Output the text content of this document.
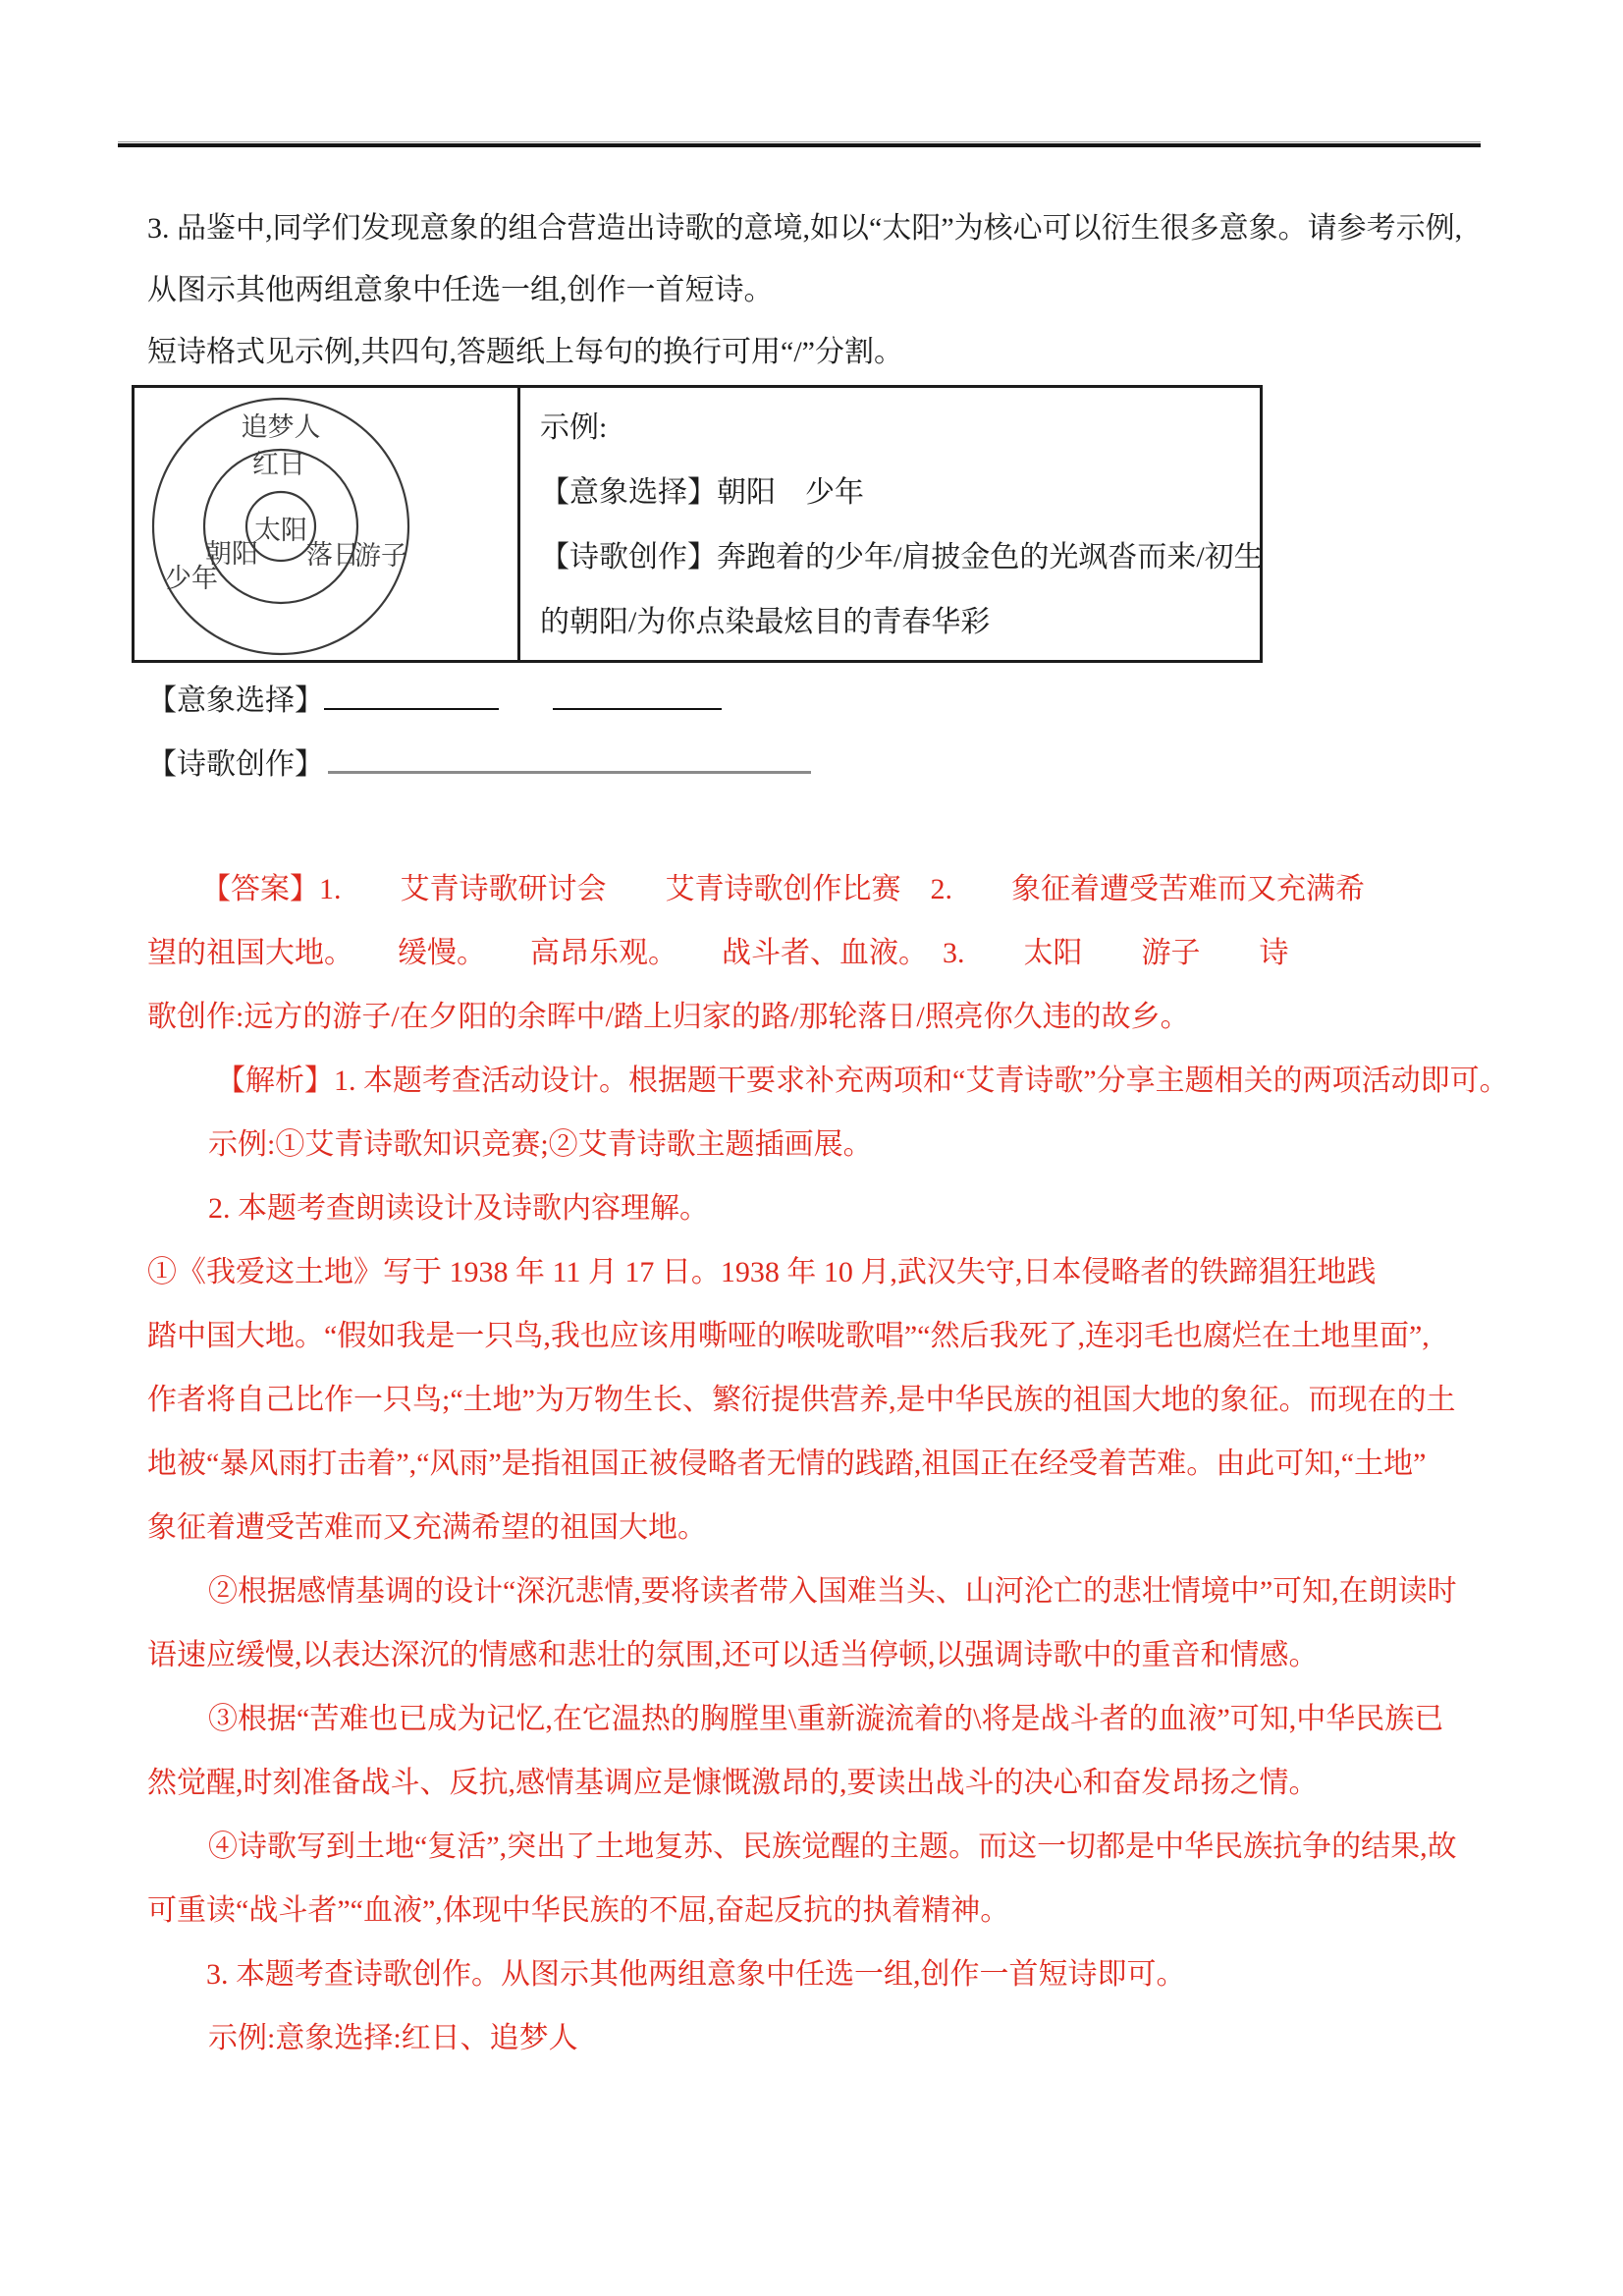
3. 品鉴中,同学们发现意象的组合营造出诗歌的意境,如以“太阳”为核心可以衍生很多意象。请参考示例,
从图示其他两组意象中任选一组,创作一首短诗。
短诗格式见示例,共四句,答题纸上每句的换行可用“/”分割。
追梦人
红日
太阳
朝阳 落日
游子
少年
示例:
【意象选择】朝阳　少年
【诗歌创作】奔跑着的少年/肩披金色的光飒沓而来/初生
的朝阳/为你点染最炫目的青春华彩
【意象选择】
【诗歌创作】
【答案】1.　　艾青诗歌研讨会　　艾青诗歌创作比赛　2.　　象征着遭受苦难而又充满希
望的祖国大地。　　缓慢。　　高昂乐观。　　战斗者、血液。　3.　　太阳　　游子　　诗
歌创作:远方的游子/在夕阳的余晖中/踏上归家的路/那轮落日/照亮你久违的故乡。
【解析】1. 本题考查活动设计。根据题干要求补充两项和“艾青诗歌”分享主题相关的两项活动即可。
示例:①艾青诗歌知识竞赛;②艾青诗歌主题插画展。
2. 本题考查朗读设计及诗歌内容理解。
①《我爱这土地》写于 1938 年 11 月 17 日。1938 年 10 月,武汉失守,日本侵略者的铁蹄猖狂地践
踏中国大地。“假如我是一只鸟,我也应该用嘶哑的喉咙歌唱”“然后我死了,连羽毛也腐烂在土地里面”,
作者将自己比作一只鸟;“土地”为万物生长、繁衍提供营养,是中华民族的祖国大地的象征。而现在的土
地被“暴风雨打击着”,“风雨”是指祖国正被侵略者无情的践踏,祖国正在经受着苦难。由此可知,“土地”
象征着遭受苦难而又充满希望的祖国大地。
②根据感情基调的设计“深沉悲情,要将读者带入国难当头、山河沦亡的悲壮情境中”可知,在朗读时
语速应缓慢,以表达深沉的情感和悲壮的氛围,还可以适当停顿,以强调诗歌中的重音和情感。
③根据“苦难也已成为记忆,在它温热的胸膛里\重新漩流着的\将是战斗者的血液”可知,中华民族已
然觉醒,时刻准备战斗、反抗,感情基调应是慷慨激昂的,要读出战斗的决心和奋发昂扬之情。
④诗歌写到土地“复活”,突出了土地复苏、民族觉醒的主题。而这一切都是中华民族抗争的结果,故
可重读“战斗者”“血液”,体现中华民族的不屈,奋起反抗的执着精神。
3. 本题考查诗歌创作。从图示其他两组意象中任选一组,创作一首短诗即可。
示例:意象选择:红日、追梦人
